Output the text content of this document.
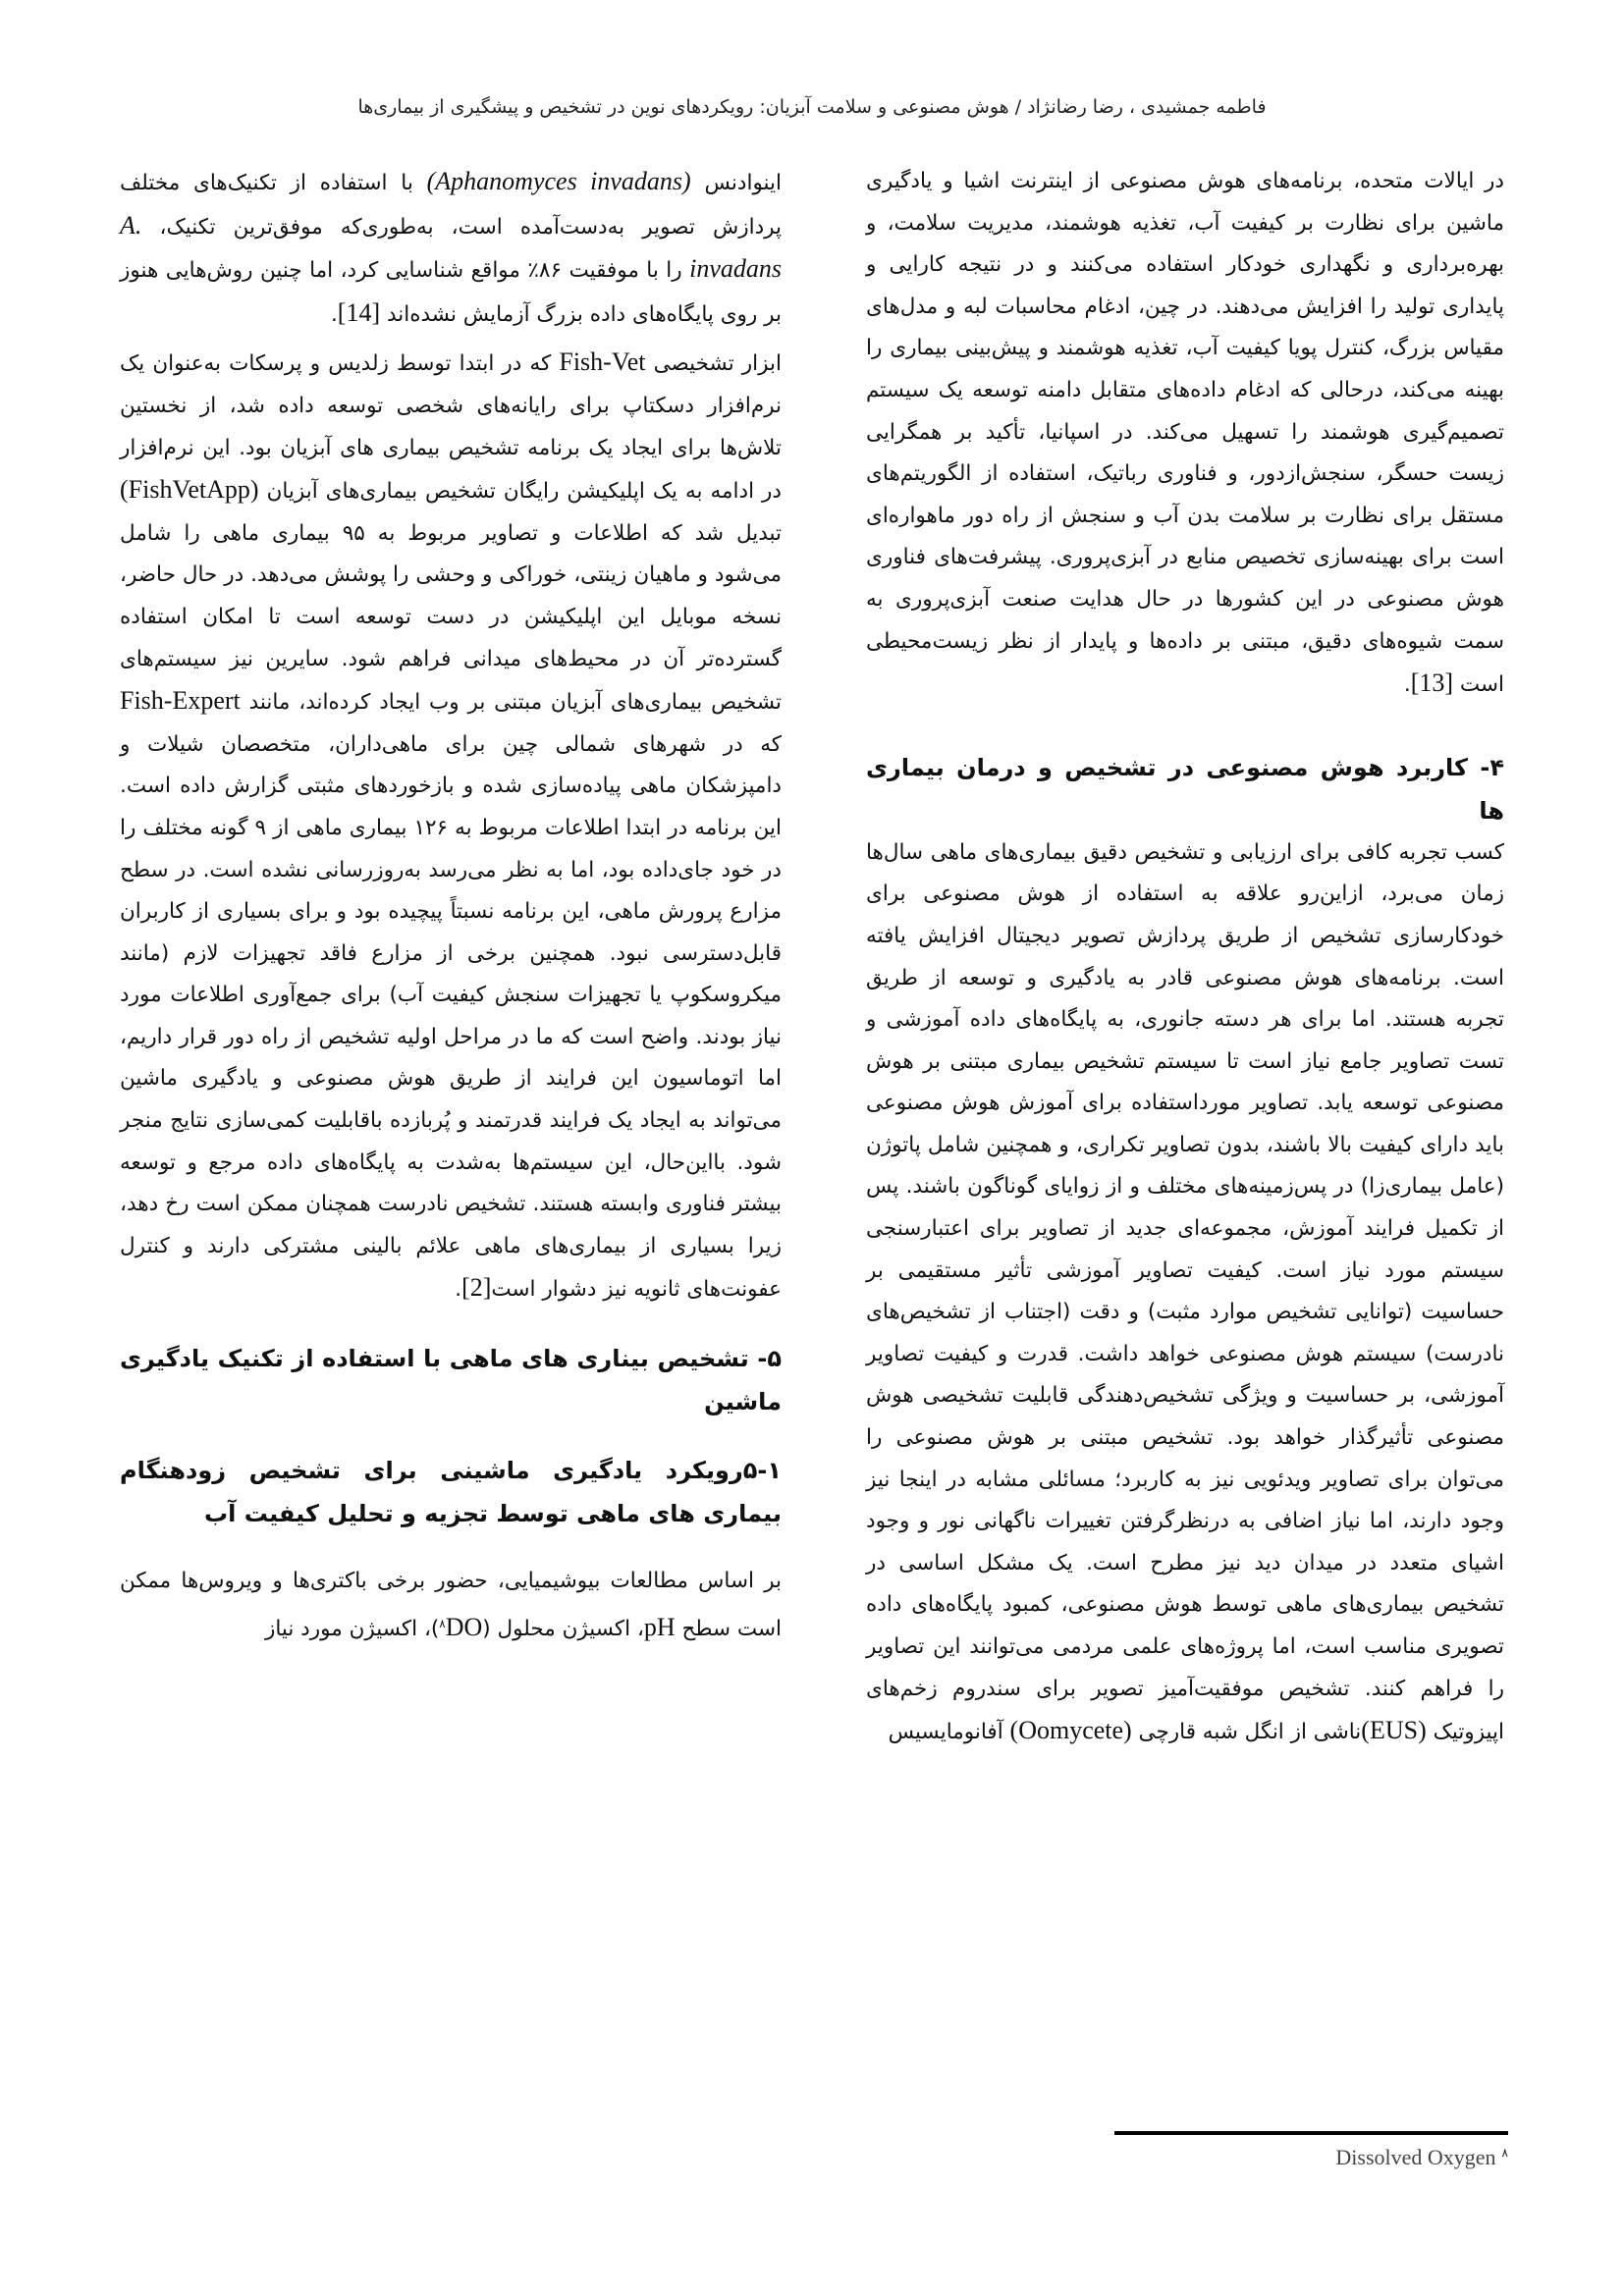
فاطمه جمشیدی ، رضا رضانژاد / هوش مصنوعی و سلامت آبزیان: رویکردهای نوین در تشخیص و پیشگیری از بیماری‌ها

در ایالات متحده، برنامه‌های هوش مصنوعی از اینترنت اشیا و یادگیری ماشین برای نظارت بر کیفیت آب، تغذیه هوشمند، مدیریت سلامت، و بهره‌برداری و نگهداری خودکار استفاده می‌کنند و در نتیجه کارایی و پایداری تولید را افزایش می‌دهند. در چین، ادغام محاسبات لبه و مدل‌های مقیاس بزرگ، کنترل پویا کیفیت آب، تغذیه هوشمند و پیش‌بینی بیماری را بهینه می‌کند، درحالی که ادغام داده‌های متقابل دامنه توسعه یک سیستم تصمیم‌گیری هوشمند را تسهیل می‌کند. در اسپانیا، تأکید بر همگرایی زیست حسگر، سنجش‌ازدور، و فناوری رباتیک، استفاده از الگوریتم‌های مستقل برای نظارت بر سلامت بدن آب و سنجش از راه دور ماهواره‌ای است برای بهینه‌سازی تخصیص منابع در آبزی‌پروری. پیشرفت‌های فناوری هوش مصنوعی در این کشورها در حال هدایت صنعت آبزی‌پروری به سمت شیوه‌های دقیق، مبتنی بر داده‌ها و پایدار از نظر زیست‌محیطی است [13].

۴- کاربرد هوش مصنوعی در تشخیص و درمان بیماری ها

کسب تجربه کافی برای ارزیابی و تشخیص دقیق بیماری‌های ماهی سال‌ها زمان می‌برد، ازاین‌رو علاقه به استفاده از هوش مصنوعی برای خودکارسازی تشخیص از طریق پردازش تصویر دیجیتال افزایش یافته است. برنامه‌های هوش مصنوعی قادر به یادگیری و توسعه از طریق تجربه هستند. اما برای هر دسته جانوری، به پایگاه‌های داده آموزشی و تست تصاویر جامع نیاز است تا سیستم تشخیص بیماری مبتنی بر هوش مصنوعی توسعه یابد. تصاویر مورداستفاده برای آموزش هوش مصنوعی باید دارای کیفیت بالا باشند، بدون تصاویر تکراری، و همچنین شامل پاتوژن (عامل بیماری‌زا) در پس‌زمینه‌های مختلف و از زوایای گوناگون باشند. پس از تکمیل فرایند آموزش، مجموعه‌ای جدید از تصاویر برای اعتبارسنجی سیستم مورد نیاز است. کیفیت تصاویر آموزشی تأثیر مستقیمی بر حساسیت (توانایی تشخیص موارد مثبت) و دقت (اجتناب از تشخیص‌های نادرست) سیستم هوش مصنوعی خواهد داشت. قدرت و کیفیت تصاویر آموزشی، بر حساسیت و ویژگی تشخیص‌دهندگی قابلیت تشخیصی هوش مصنوعی تأثیرگذار خواهد بود. تشخیص مبتنی بر هوش مصنوعی را می‌توان برای تصاویر ویدئویی نیز به کاربرد؛ مسائلی مشابه در اینجا نیز وجود دارند، اما نیاز اضافی به درنظرگرفتن تغییرات ناگهانی نور و وجود اشیای متعدد در میدان دید نیز مطرح است. یک مشکل اساسی در تشخیص بیماری‌های ماهی توسط هوش مصنوعی، کمبود پایگاه‌های داده تصویری مناسب است، اما پروژه‌های علمی مردمی می‌توانند این تصاویر را فراهم کنند. تشخیص موفقیت‌آمیز تصویر برای سندروم زخم‌های اپیزوتیک (EUS)ناشی از انگل شبه قارچی (Oomycete) آفانومایسیس

اینوادنس (Aphanomyces invadans) با استفاده از تکنیک‌های مختلف پردازش تصویر به‌دست‌آمده است، به‌طوری‌که موفق‌ترین تکنیک، A. invadans را با موفقیت ۸۶٪ مواقع شناسایی کرد، اما چنین روش‌هایی هنوز بر روی پایگاه‌های داده بزرگ آزمایش نشده‌اند [14].

ابزار تشخیصی Fish-Vet که در ابتدا توسط زلدیس و پرسکات به‌عنوان یک نرم‌افزار دسکتاپ برای رایانه‌های شخصی توسعه داده شد، از نخستین تلاش‌ها برای ایجاد یک برنامه تشخیص بیماری های آبزیان بود. این نرم‌افزار در ادامه به یک اپلیکیشن رایگان تشخیص بیماری‌های آبزیان (FishVetApp) تبدیل شد که اطلاعات و تصاویر مربوط به ۹۵ بیماری ماهی را شامل می‌شود و ماهیان زینتی، خوراکی و وحشی را پوشش می‌دهد. در حال حاضر، نسخه موبایل این اپلیکیشن در دست توسعه است تا امکان استفاده گسترده‌تر آن در محیط‌های میدانی فراهم شود. سایرین نیز سیستم‌های تشخیص بیماری‌های آبزیان مبتنی بر وب ایجاد کرده‌اند، مانند Fish-Expert که در شهرهای شمالی چین برای ماهی‌داران، متخصصان شیلات و دامپزشکان ماهی پیاده‌سازی شده و بازخوردهای مثبتی گزارش داده است. این برنامه در ابتدا اطلاعات مربوط به ۱۲۶ بیماری ماهی از ۹ گونه مختلف را در خود جای‌داده بود، اما به نظر می‌رسد به‌روزرسانی نشده است. در سطح مزارع پرورش ماهی، این برنامه نسبتاً پیچیده بود و برای بسیاری از کاربران قابل‌دسترسی نبود. همچنین برخی از مزارع فاقد تجهیزات لازم (مانند میکروسکوپ یا تجهیزات سنجش کیفیت آب) برای جمع‌آوری اطلاعات مورد نیاز بودند. واضح است که ما در مراحل اولیه تشخیص از راه دور قرار داریم، اما اتوماسیون این فرایند از طریق هوش مصنوعی و یادگیری ماشین می‌تواند به ایجاد یک فرایند قدرتمند و پُربازده باقابلیت کمی‌سازی نتایج منجر شود. بااین‌حال، این سیستم‌ها به‌شدت به پایگاه‌های داده مرجع و توسعه بیشتر فناوری وابسته هستند. تشخیص نادرست همچنان ممکن است رخ دهد، زیرا بسیاری از بیماری‌های ماهی علائم بالینی مشترکی دارند و کنترل عفونت‌های ثانویه نیز دشوار است[2].

۵- تشخیص بیناری های ماهی با استفاده از تکنیک یادگیری ماشین
۵-۱رویکرد یادگیری ماشینی برای تشخیص زودهنگام بیماری های ماهی توسط تجزیه و تحلیل کیفیت آب

بر اساس مطالعات بیوشیمیایی، حضور برخی باکتری‌ها و ویروس‌ها ممکن است سطح pH، اکسیژن محلول ($^۸$DO)، اکسیژن مورد نیاز

Dissolved Oxygen $^۸$
